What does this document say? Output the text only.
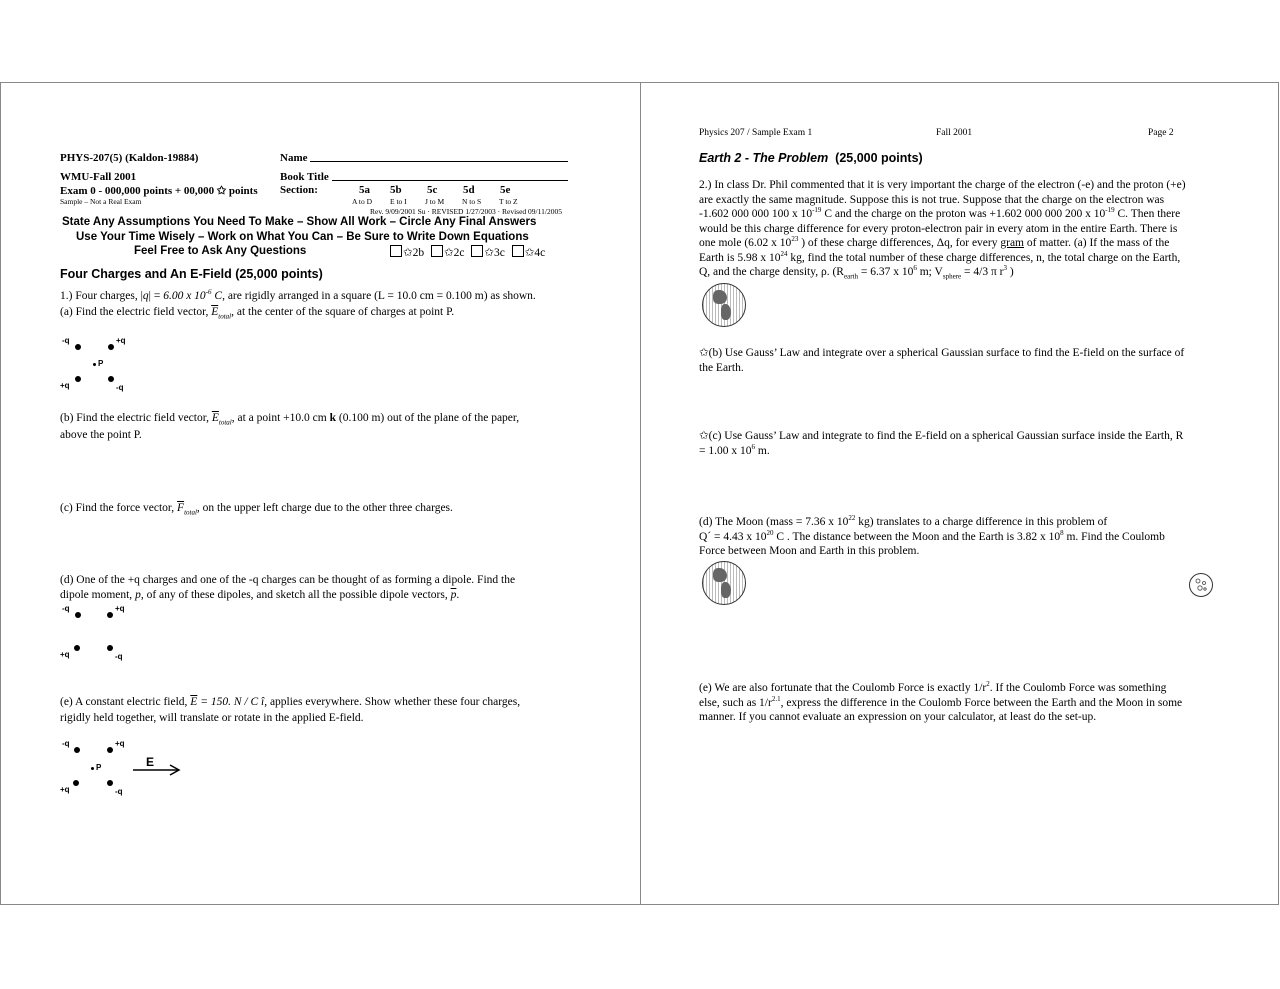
PHYS-207(5) (Kaldon-19884)	Name
WMU-Fall 2001	Book Title
Exam 0 - 000,000 points + 00,000 ✩ points Section:
Sample – Not a Real Exam
5a 5b 5c 5d 5e
A to D E to I J to M N to S T to Z
Rev. 9/09/2001 Su · REVISED 1/27/2003 · Revised 09/11/2005
State Any Assumptions You Need To Make – Show All Work – Circle Any Final Answers
Use Your Time Wisely – Work on What You Can – Be Sure to Write Down Equations
Feel Free to Ask Any Questions	✩2b ✩2c ✩3c ✩4c
Four Charges and An E-Field (25,000 points)
1.) Four charges, |q| = 6.00 x $10^{-6}$ C, are rigidly arranged in a square (L = 10.0 cm = 0.100 m) as shown.
(a) Find the electric field vector, $\overline{E}_{total}$, at the center of the square of charges at point P.
-q	+q
P
+q	-q
(b) Find the electric field vector, $\overline{E}_{total}$, at a point +10.0 cm k (0.100 m) out of the plane of the paper,
above the point P.
(c) Find the force vector, $\overline{F}_{total}$, on the upper left charge due to the other three charges.
(d) One of the +q charges and one of the -q charges can be thought of as forming a dipole. Find the
dipole moment, p, of any of these dipoles, and sketch all the possible dipole vectors, $\overline{p}$.
-q	+q
+q	-q
(e) A constant electric field, $\overline{E} = 150$. N / C î, applies everywhere. Show whether these four charges,
rigidly held together, will translate or rotate in the applied E-field.
-q	+q
P
+q	-q
E
Physics 207 / Sample Exam 1	Fall 2001	Page 2
Earth 2 - The Problem (25,000 points)
2.) In class Dr. Phil commented that it is very important the charge of the electron (-e) and the proton (+e)
are exactly the same magnitude. Suppose this is not true. Suppose that the charge on the electron was
-1.602 000 000 100 x $10^{-19}$ C and the charge on the proton was +1.602 000 000 200 x $10^{-19}$ C. Then there
would be this charge difference for every proton-electron pair in every atom in the entire Earth. There is
one mole (6.02 x $10^{23}$ ) of these charge differences, Δq, for every gram of matter. (a) If the mass of the
Earth is 5.98 x $10^{24}$ kg, find the total number of these charge differences, n, the total charge on the Earth,
Q, and the charge density, ρ. ($R_{earth} = 6.37$ x $10^6$ m; $V_{sphere} = 4/3$ π $r^3$ )
✩(b) Use Gauss’ Law and integrate over a spherical Gaussian surface to find the E-field on the surface of
the Earth.
✩(c) Use Gauss’ Law and integrate to find the E-field on a spherical Gaussian surface inside the Earth, R
= 1.00 x $10^6$ m.
(d) The Moon (mass = 7.36 x $10^{22}$ kg) translates to a charge difference in this problem of
Q´ = 4.43 x $10^{20}$ C . The distance between the Moon and the Earth is 3.82 x $10^8$ m. Find the Coulomb
Force between Moon and Earth in this problem.
(e) We are also fortunate that the Coulomb Force is exactly $1/r^2$. If the Coulomb Force was something
else, such as $1/r^{2.1}$, express the difference in the Coulomb Force between the Earth and the Moon in some
manner. If you cannot evaluate an expression on your calculator, at least do the set-up.
